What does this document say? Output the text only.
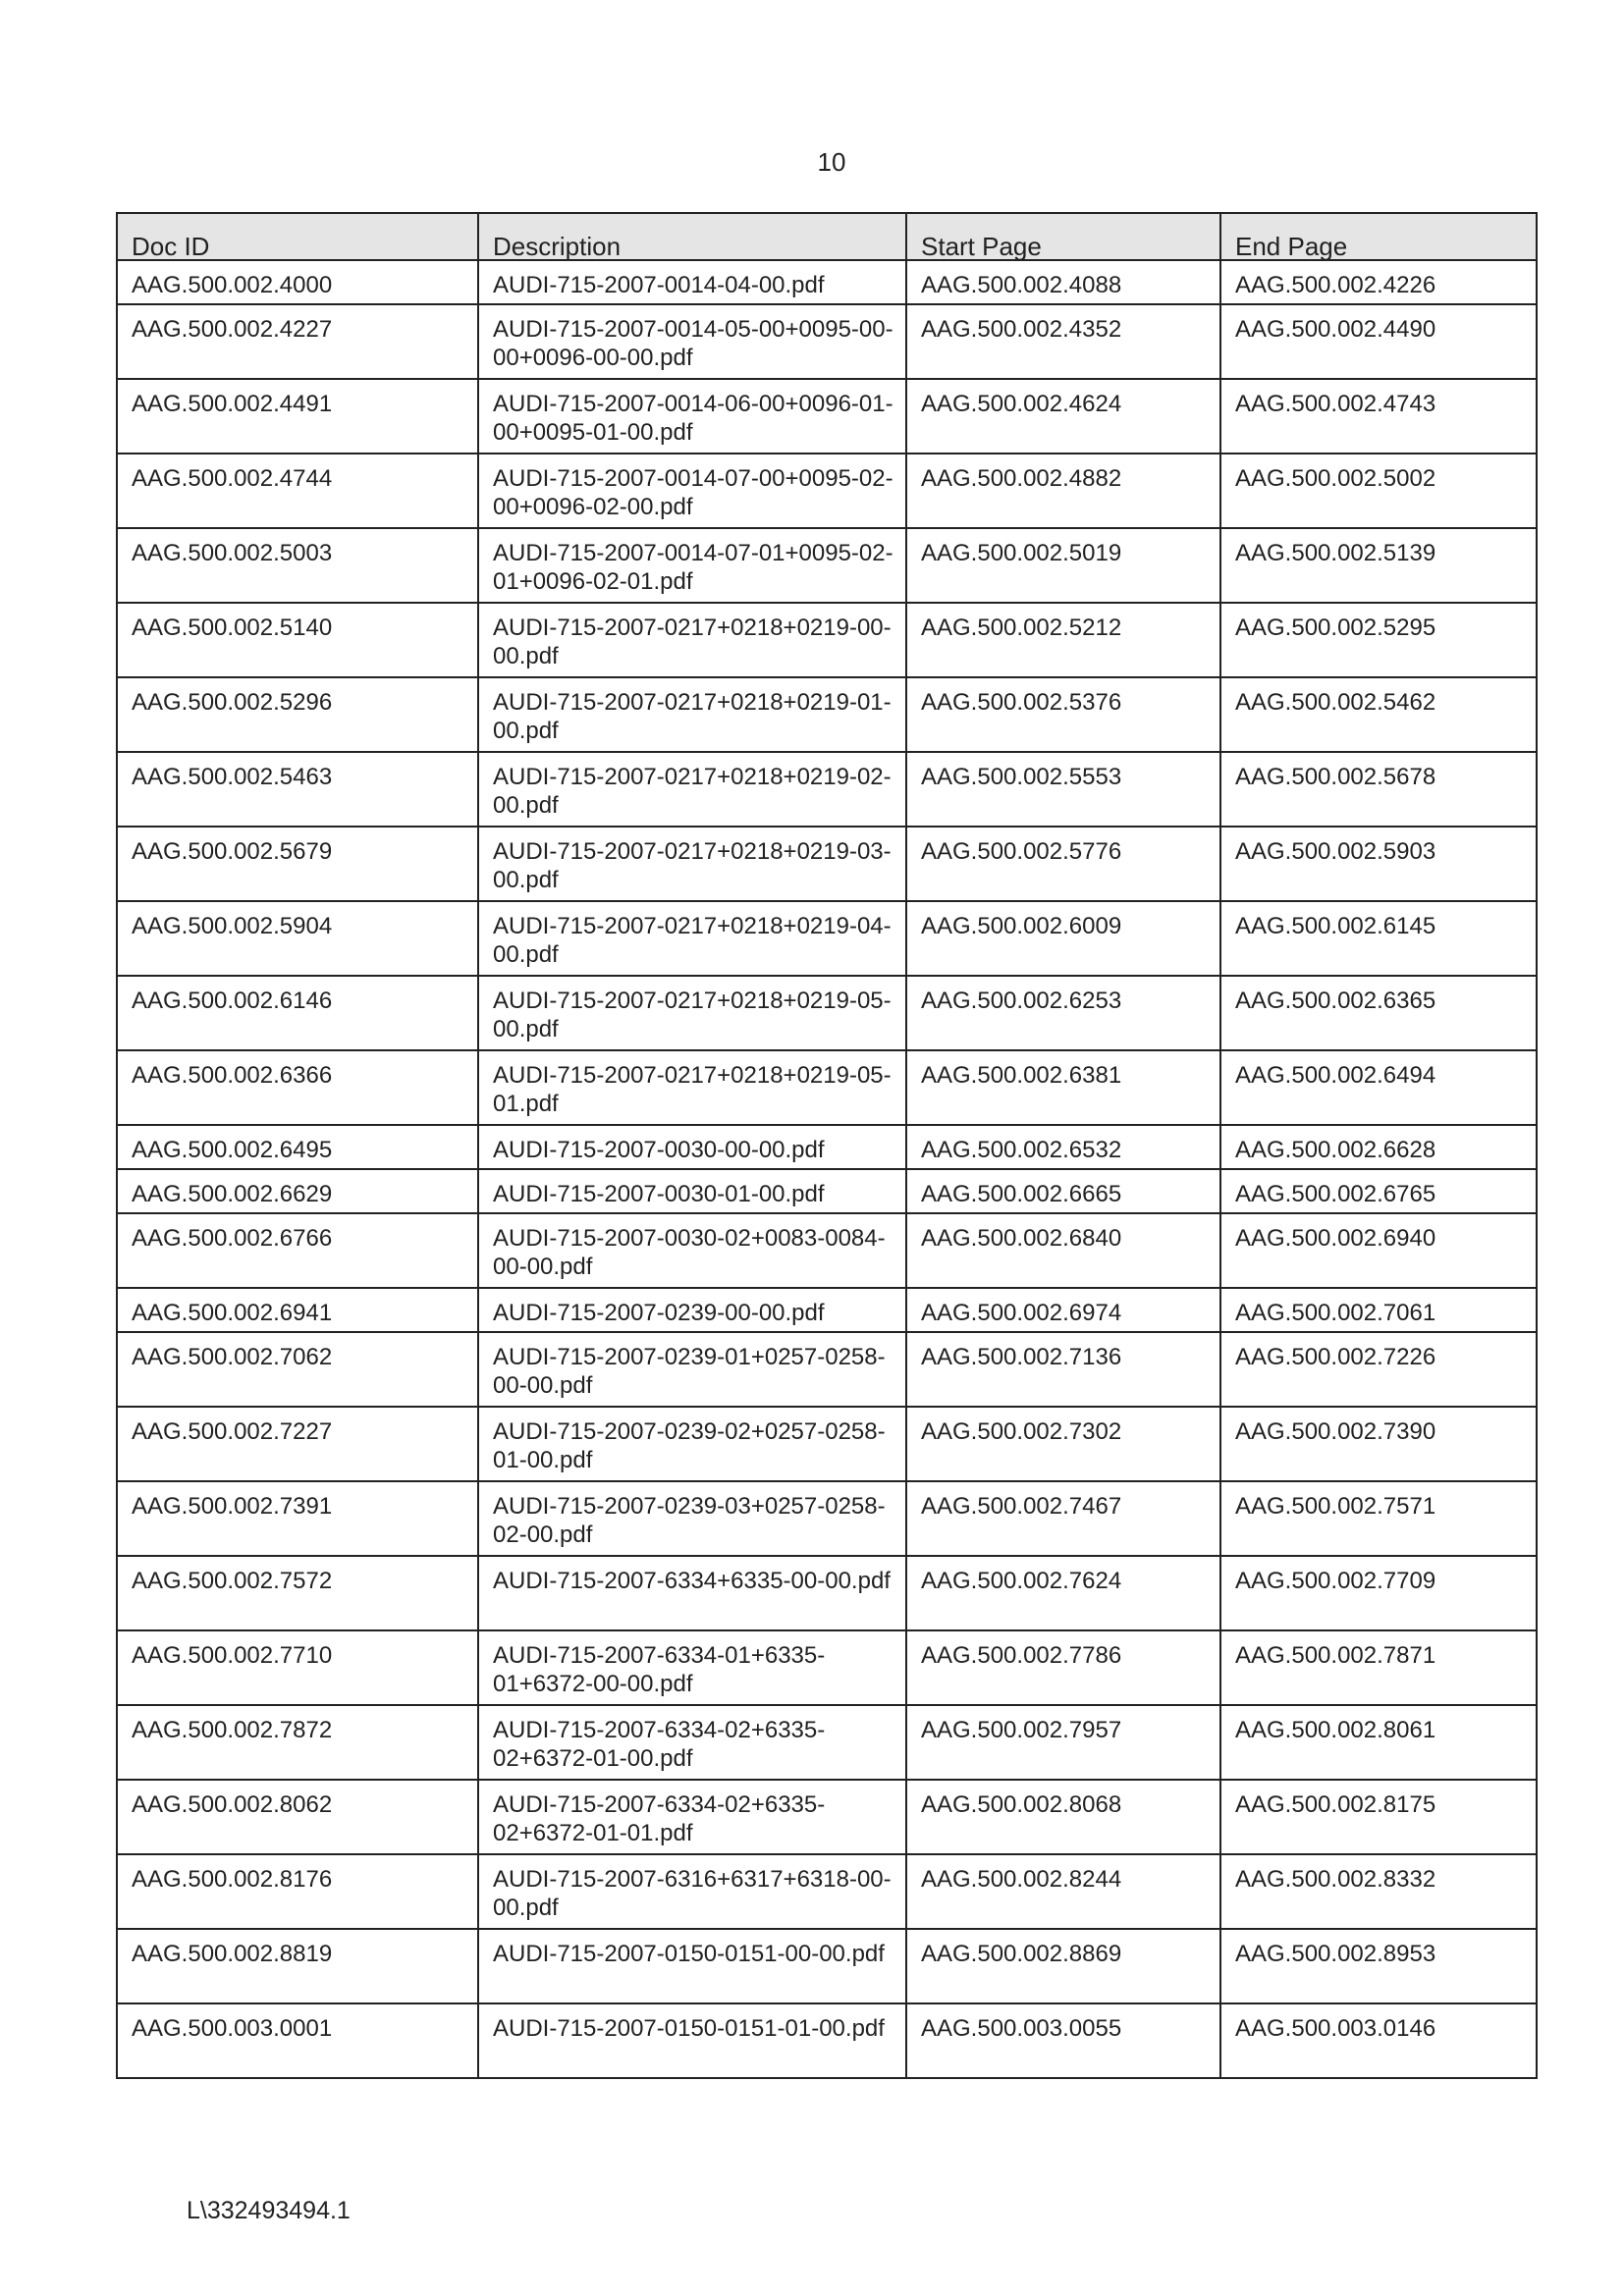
10
Doc ID	Description	Start Page	End Page

AAG.500.002.4000	AUDI-715-2007-0014-04-00.pdf	AAG.500.002.4088	AAG.500.002.4226
AAG.500.002.4227	AUDI-715-2007-0014-05-00+0095-00-00+0096-00-00.pdf	AAG.500.002.4352	AAG.500.002.4490
AAG.500.002.4491	AUDI-715-2007-0014-06-00+0096-01-00+0095-01-00.pdf	AAG.500.002.4624	AAG.500.002.4743
AAG.500.002.4744	AUDI-715-2007-0014-07-00+0095-02-00+0096-02-00.pdf	AAG.500.002.4882	AAG.500.002.5002
AAG.500.002.5003	AUDI-715-2007-0014-07-01+0095-02-01+0096-02-01.pdf	AAG.500.002.5019	AAG.500.002.5139
AAG.500.002.5140	AUDI-715-2007-0217+0218+0219-00-00.pdf	AAG.500.002.5212	AAG.500.002.5295
AAG.500.002.5296	AUDI-715-2007-0217+0218+0219-01-00.pdf	AAG.500.002.5376	AAG.500.002.5462
AAG.500.002.5463	AUDI-715-2007-0217+0218+0219-02-00.pdf	AAG.500.002.5553	AAG.500.002.5678
AAG.500.002.5679	AUDI-715-2007-0217+0218+0219-03-00.pdf	AAG.500.002.5776	AAG.500.002.5903
AAG.500.002.5904	AUDI-715-2007-0217+0218+0219-04-00.pdf	AAG.500.002.6009	AAG.500.002.6145
AAG.500.002.6146	AUDI-715-2007-0217+0218+0219-05-00.pdf	AAG.500.002.6253	AAG.500.002.6365
AAG.500.002.6366	AUDI-715-2007-0217+0218+0219-05-01.pdf	AAG.500.002.6381	AAG.500.002.6494
AAG.500.002.6495	AUDI-715-2007-0030-00-00.pdf	AAG.500.002.6532	AAG.500.002.6628
AAG.500.002.6629	AUDI-715-2007-0030-01-00.pdf	AAG.500.002.6665	AAG.500.002.6765
AAG.500.002.6766	AUDI-715-2007-0030-02+0083-0084-00-00.pdf	AAG.500.002.6840	AAG.500.002.6940
AAG.500.002.6941	AUDI-715-2007-0239-00-00.pdf	AAG.500.002.6974	AAG.500.002.7061
AAG.500.002.7062	AUDI-715-2007-0239-01+0257-0258-00-00.pdf	AAG.500.002.7136	AAG.500.002.7226
AAG.500.002.7227	AUDI-715-2007-0239-02+0257-0258-01-00.pdf	AAG.500.002.7302	AAG.500.002.7390
AAG.500.002.7391	AUDI-715-2007-0239-03+0257-0258-02-00.pdf	AAG.500.002.7467	AAG.500.002.7571
AAG.500.002.7572	AUDI-715-2007-6334+6335-00-00.pdf	AAG.500.002.7624	AAG.500.002.7709
AAG.500.002.7710	AUDI-715-2007-6334-01+6335-01+6372-00-00.pdf	AAG.500.002.7786	AAG.500.002.7871
AAG.500.002.7872	AUDI-715-2007-6334-02+6335-02+6372-01-00.pdf	AAG.500.002.7957	AAG.500.002.8061
AAG.500.002.8062	AUDI-715-2007-6334-02+6335-02+6372-01-01.pdf	AAG.500.002.8068	AAG.500.002.8175
AAG.500.002.8176	AUDI-715-2007-6316+6317+6318-00-00.pdf	AAG.500.002.8244	AAG.500.002.8332
AAG.500.002.8819	AUDI-715-2007-0150-0151-00-00.pdf	AAG.500.002.8869	AAG.500.002.8953
AAG.500.003.0001	AUDI-715-2007-0150-0151-01-00.pdf	AAG.500.003.0055	AAG.500.003.0146
L\332493494.1
